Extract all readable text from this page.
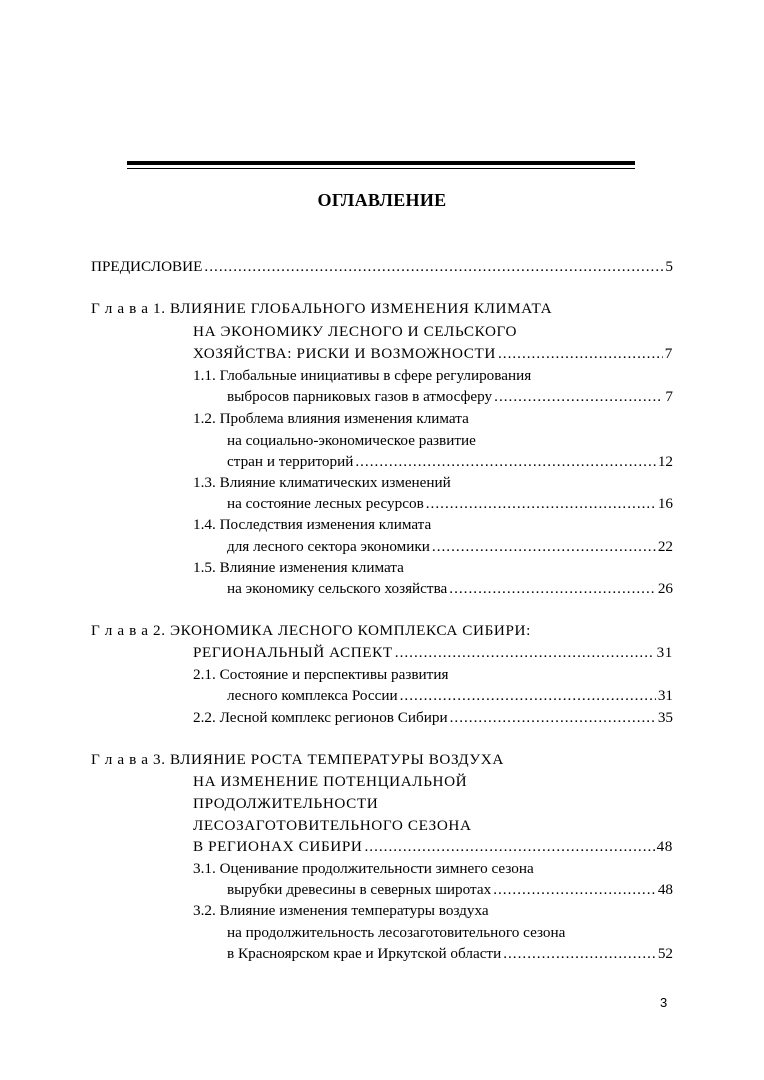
ОГЛАВЛЕНИЕ
ПРЕДИСЛОВИЕ .....	5
Г л а в а 1. ВЛИЯНИЕ ГЛОБАЛЬНОГО ИЗМЕНЕНИЯ КЛИМАТА
НА ЭКОНОМИКУ ЛЕСНОГО И СЕЛЬСКОГО
ХОЗЯЙСТВА: РИСКИ И ВОЗМОЖНОСТИ .....	7
1.1. Глобальные инициативы в сфере регулирования
выбросов парниковых газов в атмосферу .....	7
1.2. Проблема влияния изменения климата
на социально-экономическое развитие
стран и территорий .....	12
1.3. Влияние климатических изменений
на состояние лесных ресурсов .....	16
1.4. Последствия изменения климата
для лесного сектора экономики .....	22
1.5. Влияние изменения климата
на экономику сельского хозяйства .....	26
Г л а в а 2. ЭКОНОМИКА ЛЕСНОГО КОМПЛЕКСА СИБИРИ:
РЕГИОНАЛЬНЫЙ АСПЕКТ .....	31
2.1. Состояние и перспективы развития
лесного комплекса России .....	31
2.2. Лесной комплекс регионов Сибири .....	35
Г л а в а 3. ВЛИЯНИЕ РОСТА ТЕМПЕРАТУРЫ ВОЗДУХА
НА ИЗМЕНЕНИЕ ПОТЕНЦИАЛЬНОЙ
ПРОДОЛЖИТЕЛЬНОСТИ
ЛЕСОЗАГОТОВИТЕЛЬНОГО СЕЗОНА
В РЕГИОНАХ СИБИРИ .....	48
3.1. Оценивание продолжительности зимнего сезона
вырубки древесины в северных широтах .....	48
3.2. Влияние изменения температуры воздуха
на продолжительность лесозаготовительного сезона
в Красноярском крае и Иркутской области .....	52
3
